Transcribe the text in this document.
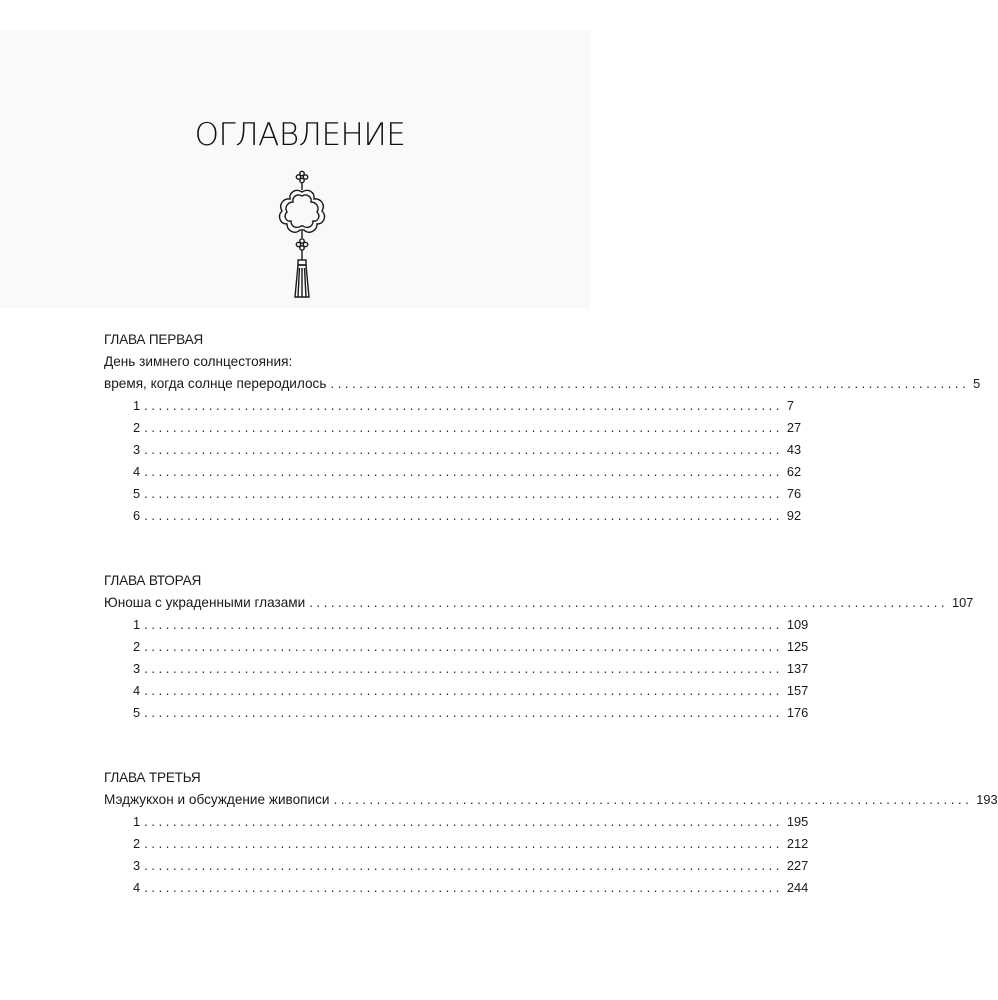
ОГЛАВЛЕНИЕ
ГЛАВА ПЕРВАЯ
День зимнего солнцестояния:
время, когда солнце переродилось ......................................................................................... 5
1 ......................................................................................... 7
2 ......................................................................................... 27
3 ......................................................................................... 43
4 ......................................................................................... 62
5 ......................................................................................... 76
6 ......................................................................................... 92
ГЛАВА ВТОРАЯ
Юноша с украденными глазами ......................................................................................... 107
1 ......................................................................................... 109
2 ......................................................................................... 125
3 ......................................................................................... 137
4 ......................................................................................... 157
5 ......................................................................................... 176
ГЛАВА ТРЕТЬЯ
Мэджукхон и обсуждение живописи ......................................................................................... 193
1 ......................................................................................... 195
2 ......................................................................................... 212
3 ......................................................................................... 227
4 ......................................................................................... 244
